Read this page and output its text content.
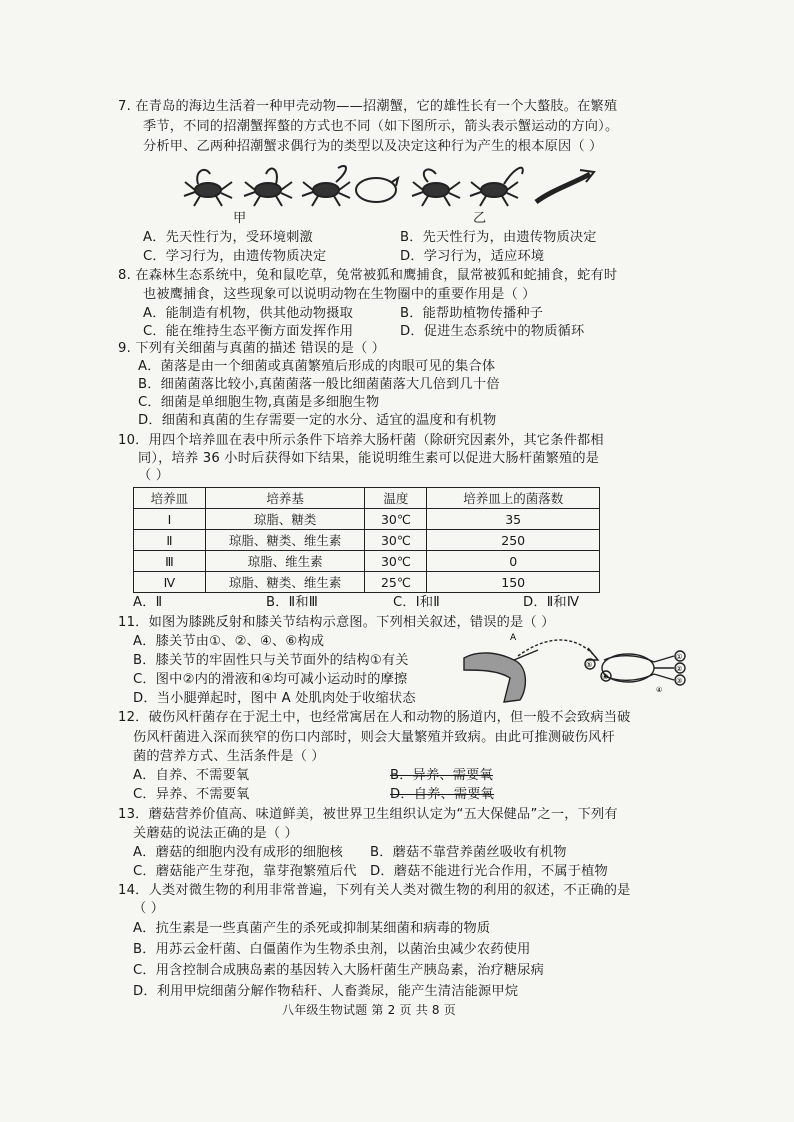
7. 在青岛的海边生活着一种甲壳动物——招潮蟹，它的雄性长有一个大螯肢。在繁殖
季节，不同的招潮蟹挥螯的方式也不同（如下图所示，箭头表示蟹运动的方向）。
分析甲、乙两种招潮蟹求偶行为的类型以及决定这种行为产生的根本原因（ ）
甲	乙
A．先天性行为，受环境刺激	B．先天性行为，由遗传物质决定
C．学习行为，由遗传物质决定	D．学习行为，适应环境
8. 在森林生态系统中，兔和鼠吃草，兔常被狐和鹰捕食，鼠常被狐和蛇捕食，蛇有时
也被鹰捕食，这些现象可以说明动物在生物圈中的重要作用是（ ）
A．能制造有机物，供其他动物摄取	B．能帮助植物传播种子
C．能在维持生态平衡方面发挥作用	D．促进生态系统中的物质循环
9. 下列有关细菌与真菌的描述 错误的是（ ）
A．菌落是由一个细菌或真菌繁殖后形成的肉眼可见的集合体
B．细菌菌落比较小,真菌菌落一般比细菌菌落大几倍到几十倍
C．细菌是单细胞生物,真菌是多细胞生物
D．细菌和真菌的生存需要一定的水分、适宜的温度和有机物
10．用四个培养皿在表中所示条件下培养大肠杆菌（除研究因素外，其它条件都相
同），培养 36 小时后获得如下结果，能说明维生素可以促进大肠杆菌繁殖的是
（ ）
培养皿	培养基	温度	培养皿上的菌落数
I	琼脂、糖类	30℃	35
Ⅱ	琼脂、糖类、维生素	30℃	250
Ⅲ	琼脂、维生素	30℃	0
Ⅳ	琼脂、糖类、维生素	25℃	150
A．Ⅱ	B．Ⅱ和Ⅲ	C．Ⅰ和Ⅱ	D．Ⅱ和Ⅳ
11．如图为膝跳反射和膝关节结构示意图。下列相关叙述，错误的是（ ）
A．膝关节由①、②、④、⑥构成
B．膝关节的牢固性只与关节面外的结构①有关
C．图中②内的滑液和④均可减小运动时的摩擦
D．当小腿弹起时，图中 A 处肌肉处于收缩状态
A
⑤
⑥
①
②
③
④
12．破伤风杆菌存在于泥土中，也经常寓居在人和动物的肠道内，但一般不会致病当破
伤风杆菌进入深而狭窄的伤口内部时，则会大量繁殖并致病。由此可推测破伤风杆
菌的营养方式、生活条件是（ ）
A．自养、不需要氧	B．异养、需要氧
C．异养、不需要氧	D．自养、需要氧
13．蘑菇营养价值高、味道鲜美，被世界卫生组织认定为“五大保健品”之一，下列有
关蘑菇的说法正确的是（ ）
A．蘑菇的细胞内没有成形的细胞核 B．蘑菇不靠营养菌丝吸收有机物
C．蘑菇能产生芽孢，靠芽孢繁殖后代 D．蘑菇不能进行光合作用，不属于植物
14．人类对微生物的利用非常普遍，下列有关人类对微生物的利用的叙述，不正确的是
（ ）
A．抗生素是一些真菌产生的杀死或抑制某细菌和病毒的物质
B．用苏云金杆菌、白僵菌作为生物杀虫剂，以菌治虫减少农药使用
C．用含控制合成胰岛素的基因转入大肠杆菌生产胰岛素，治疗糖尿病
D．利用甲烷细菌分解作物秸秆、人畜粪尿，能产生清洁能源甲烷
八年级生物试题 第 2 页 共 8 页
